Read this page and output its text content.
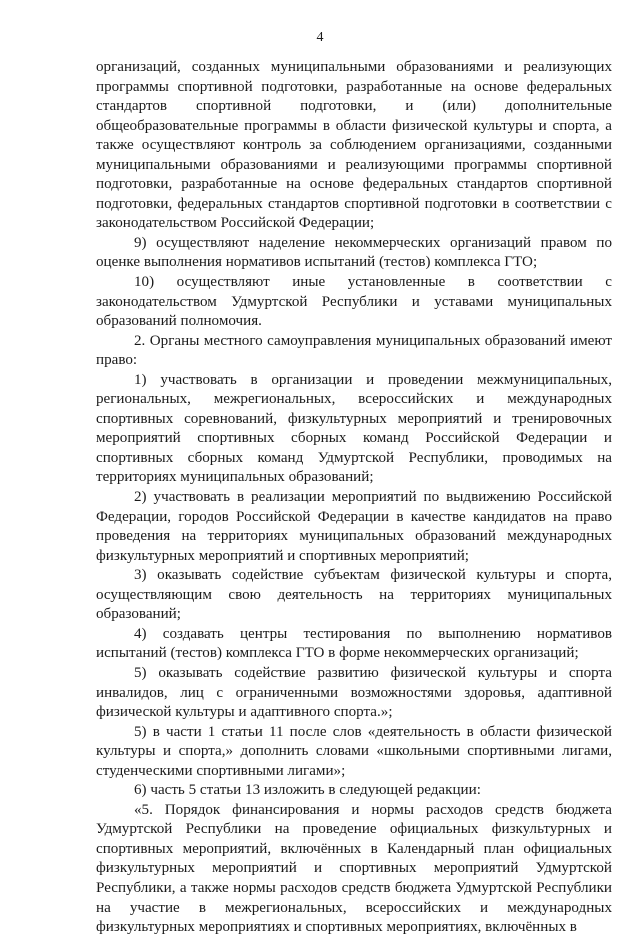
4

организаций, созданных муниципальными образованиями и реализующих программы спортивной подготовки, разработанные на основе федеральных стандартов спортивной подготовки, и (или) дополнительные общеобразовательные программы в области физической культуры и спорта, а также осуществляют контроль за соблюдением организациями, созданными муниципальными образованиями и реализующими программы спортивной подготовки, разработанные на основе федеральных стандартов спортивной подготовки, федеральных стандартов спортивной подготовки в соответствии с законодательством Российской Федерации;

9) осуществляют наделение некоммерческих организаций правом по оценке выполнения нормативов испытаний (тестов) комплекса ГТО;

10) осуществляют иные установленные в соответствии с законодательством Удмуртской Республики и уставами муниципальных образований полномочия.

2. Органы местного самоуправления муниципальных образований имеют право:

1) участвовать в организации и проведении межмуниципальных, региональных, межрегиональных, всероссийских и международных спортивных соревнований, физкультурных мероприятий и тренировочных мероприятий спортивных сборных команд Российской Федерации и спортивных сборных команд Удмуртской Республики, проводимых на территориях муниципальных образований;

2) участвовать в реализации мероприятий по выдвижению Российской Федерации, городов Российской Федерации в качестве кандидатов на право проведения на территориях муниципальных образований международных физкультурных мероприятий и спортивных мероприятий;

3) оказывать содействие субъектам физической культуры и спорта, осуществляющим свою деятельность на территориях муниципальных образований;

4) создавать центры тестирования по выполнению нормативов испытаний (тестов) комплекса ГТО в форме некоммерческих организаций;

5) оказывать содействие развитию физической культуры и спорта инвалидов, лиц с ограниченными возможностями здоровья, адаптивной физической культуры и адаптивного спорта.»;

5) в части 1 статьи 11 после слов «деятельность в области физической культуры и спорта,» дополнить словами «школьными спортивными лигами, студенческими спортивными лигами»;

6) часть 5 статьи 13 изложить в следующей редакции:

«5. Порядок финансирования и нормы расходов средств бюджета Удмуртской Республики на проведение официальных физкультурных и спортивных мероприятий, включённых в Календарный план официальных физкультурных мероприятий и спортивных мероприятий Удмуртской Республики, а также нормы расходов средств бюджета Удмуртской Республики на участие в межрегиональных, всероссийских и международных физкультурных мероприятиях и спортивных мероприятиях, включённых в
